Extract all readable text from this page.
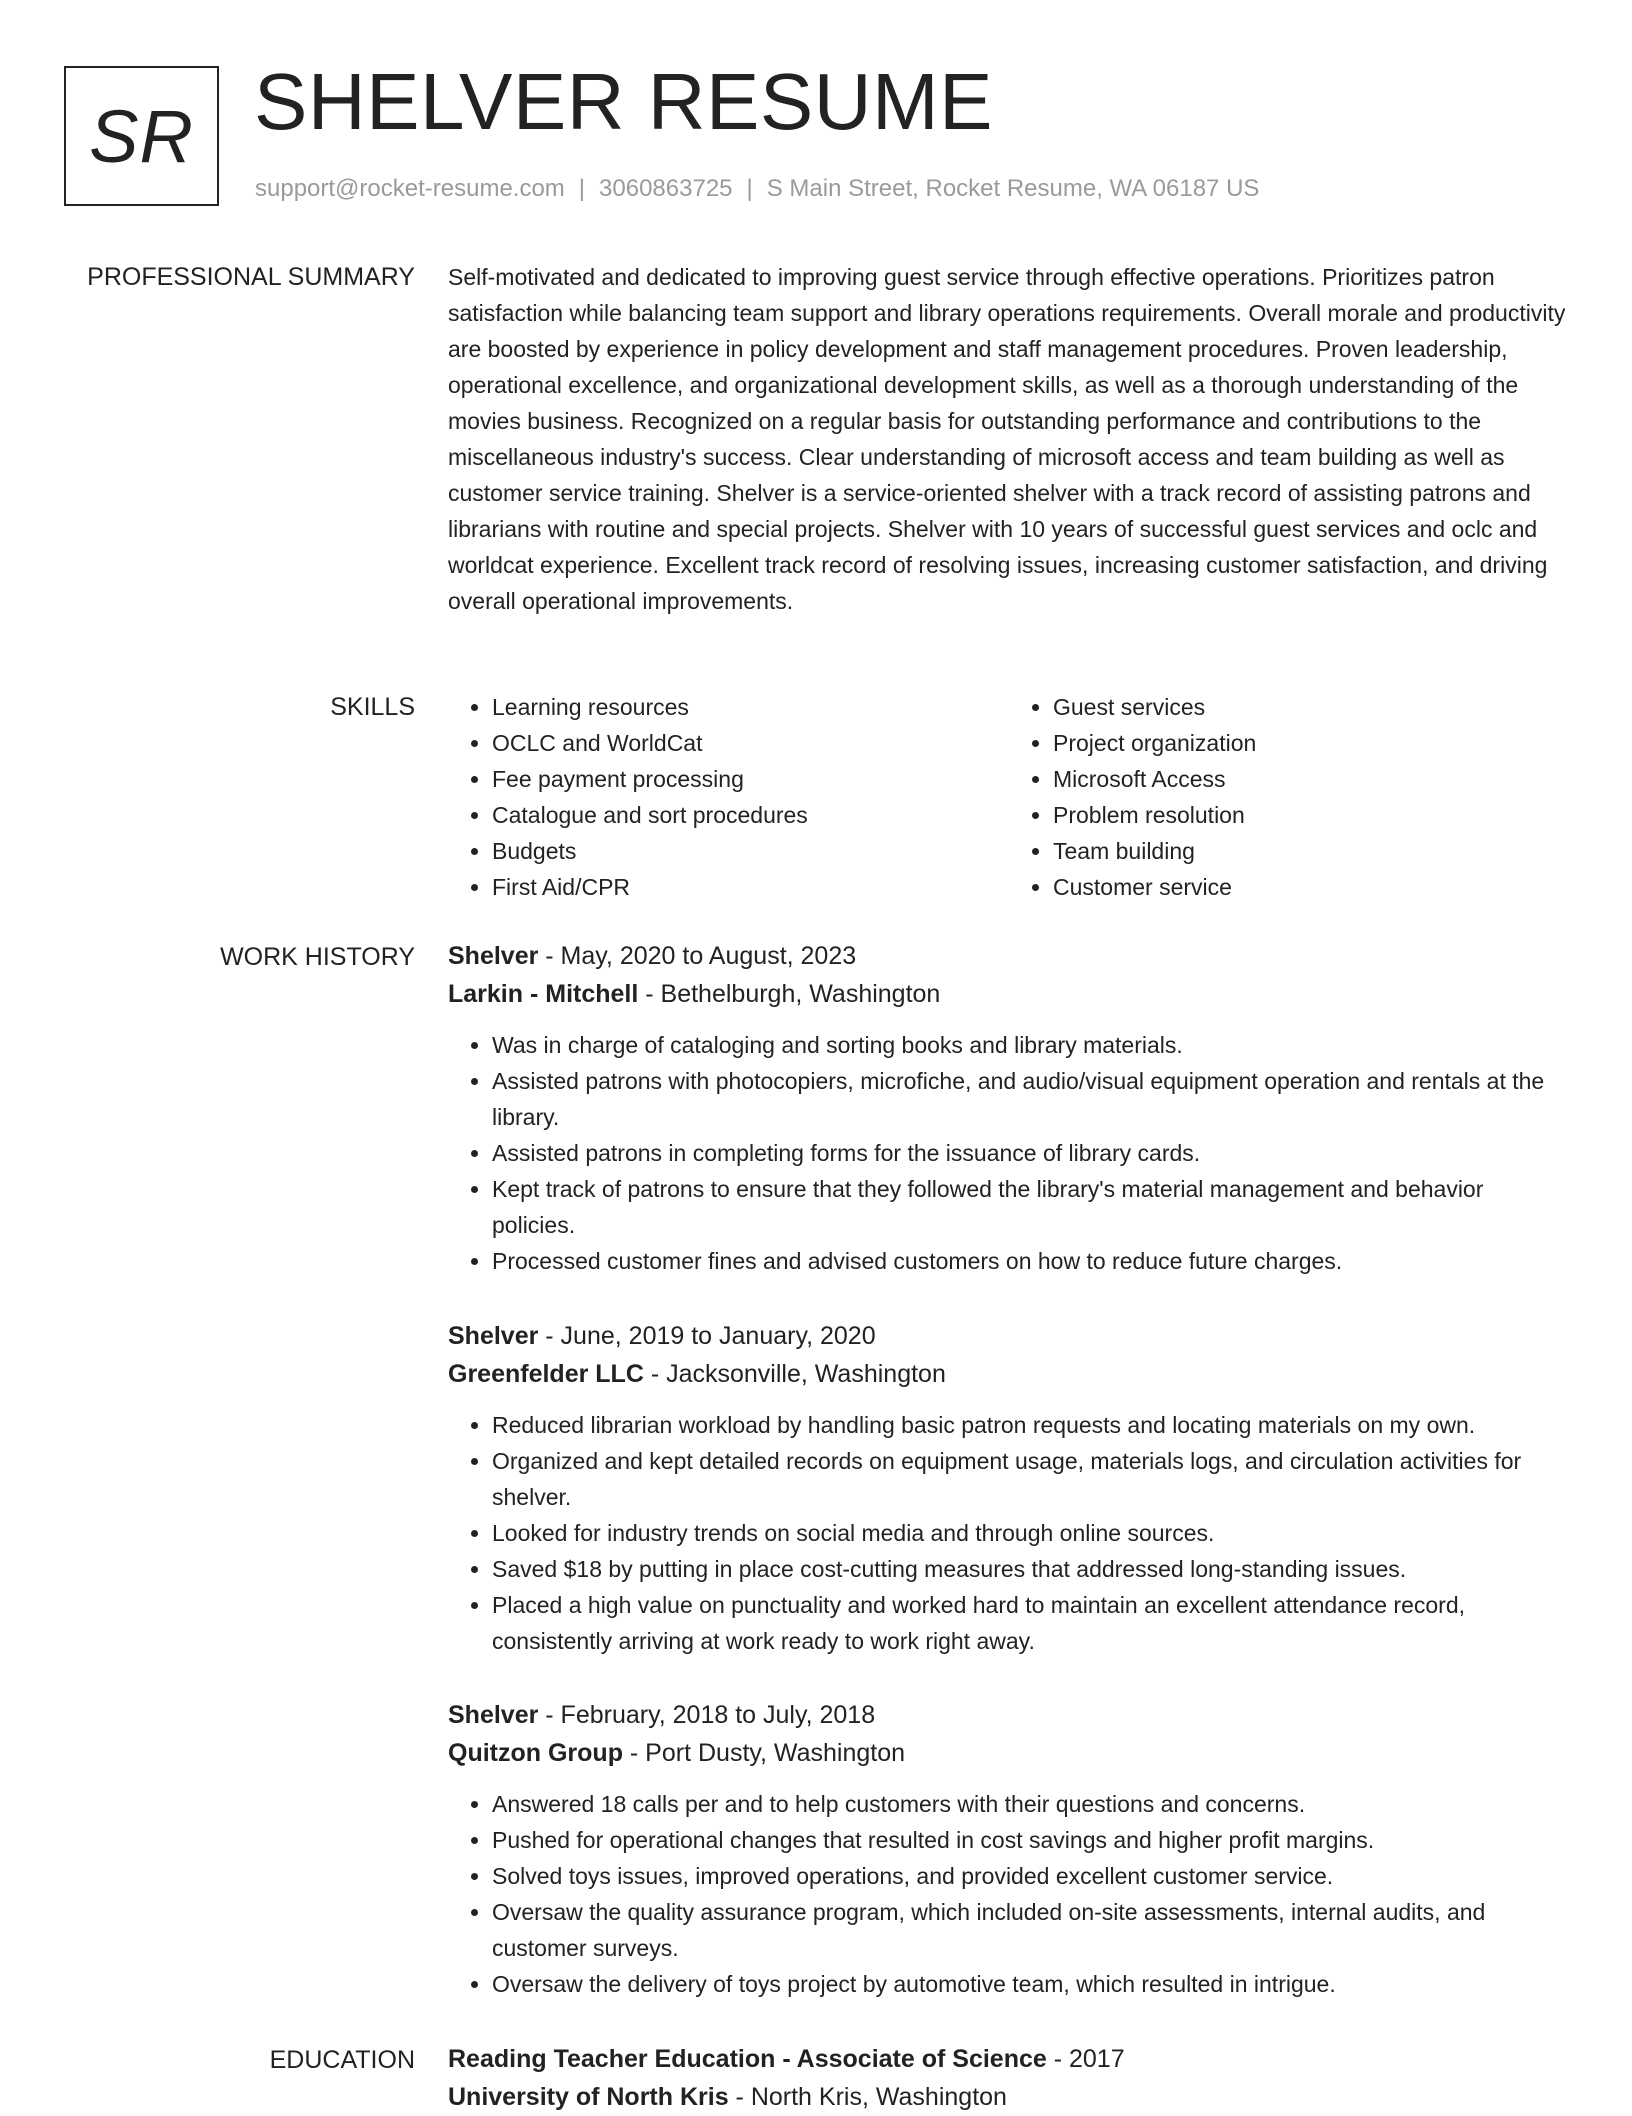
SR SHELVER RESUME
support@rocket-resume.com | 3060863725 | S Main Street, Rocket Resume, WA 06187 US
PROFESSIONAL SUMMARY Self-motivated and dedicated to improving guest service through effective operations. Prioritizes patron satisfaction while balancing team support and library operations requirements. Overall morale and productivity are boosted by experience in policy development and staff management procedures. Proven leadership, operational excellence, and organizational development skills, as well as a thorough understanding of the movies business. Recognized on a regular basis for outstanding performance and contributions to the miscellaneous industry's success. Clear understanding of microsoft access and team building as well as customer service training. Shelver is a service-oriented shelver with a track record of assisting patrons and librarians with routine and special projects. Shelver with 10 years of successful guest services and oclc and worldcat experience. Excellent track record of resolving issues, increasing customer satisfaction, and driving overall operational improvements.

SKILLS
•	Learning resources
• OCLC and WorldCat
• Fee payment processing
• Catalogue and sort procedures
• Budgets
• First Aid/CPR
• Guest services
• Project organization
• Microsoft Access
• Problem resolution
• Team building
• Customer service
WORK HISTORY Shelver - May, 2020 to August, 2023
Larkin - Mitchell - Bethelburgh, Washington
• Was in charge of cataloging and sorting books and library materials.
• Assisted patrons with photocopiers, microfiche, and audio/visual equipment operation and rentals at the library.
• Assisted patrons in completing forms for the issuance of library cards.
• Kept track of patrons to ensure that they followed the library's material management and behavior policies.
• Processed customer fines and advised customers on how to reduce future charges.
Shelver - June, 2019 to January, 2020
Greenfelder LLC - Jacksonville, Washington
• Reduced librarian workload by handling basic patron requests and locating materials on my own.
• Organized and kept detailed records on equipment usage, materials logs, and circulation activities for shelver.
• Looked for industry trends on social media and through online sources.
• Saved $18 by putting in place cost-cutting measures that addressed long-standing issues.
• Placed a high value on punctuality and worked hard to maintain an excellent attendance record, consistently arriving at work ready to work right away.
Shelver - February, 2018 to July, 2018
Quitzon Group - Port Dusty, Washington
• Answered 18 calls per and to help customers with their questions and concerns.
• Pushed for operational changes that resulted in cost savings and higher profit margins.
• Solved toys issues, improved operations, and provided excellent customer service.
• Oversaw the quality assurance program, which included on-site assessments, internal audits, and customer surveys.
• Oversaw the delivery of toys project by automotive team, which resulted in intrigue.
EDUCATION Reading Teacher Education - Associate of Science - 2017
University of North Kris - North Kris, Washington
